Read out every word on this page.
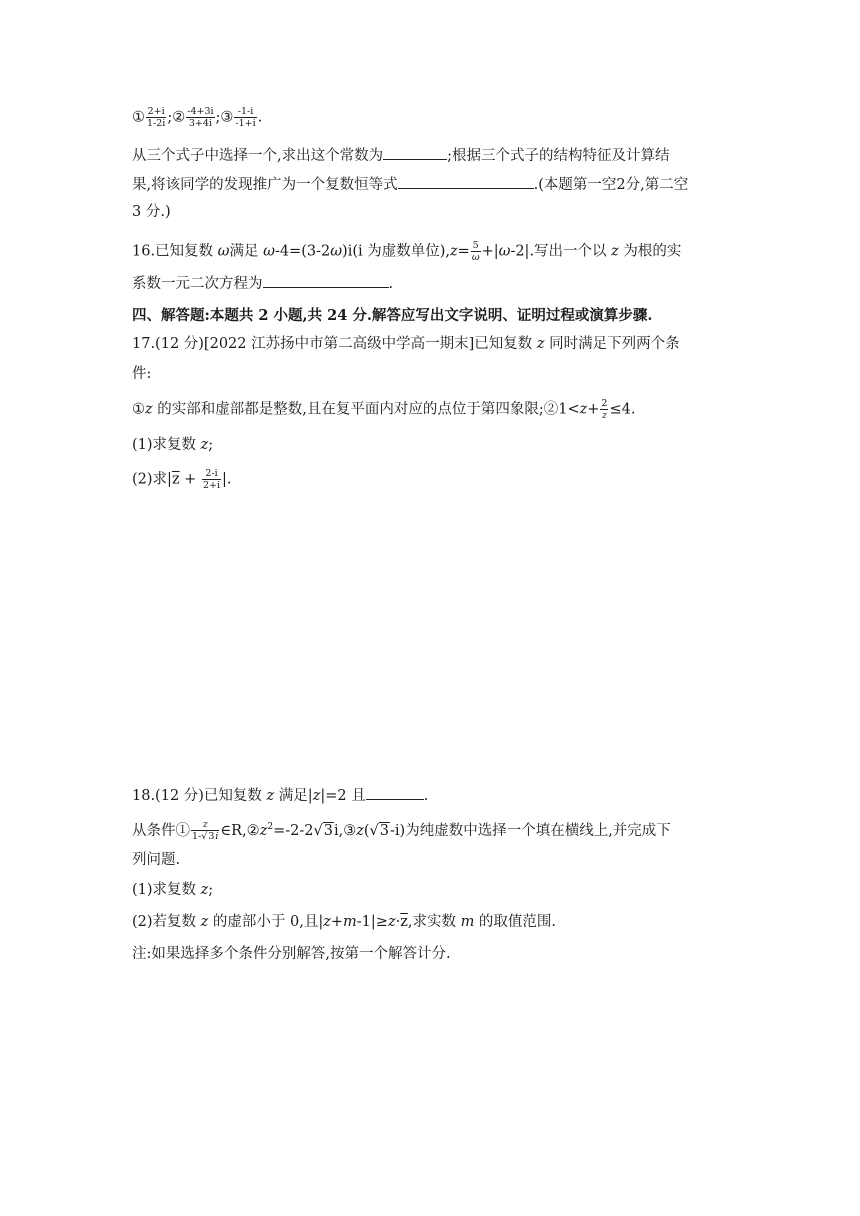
① $\frac{2+i}{1-2i}$ ;② $\frac{-4+3i}{3+4i}$ ;③ $\frac{-1-i}{-1+i}$ .
从三个式子中选择一个,求出这个常数为	;根据三个式子的结构特征及计算结
果,将该同学的发现推广为一个复数恒等式	.(本题第一空2分,第二空
3 分.)
16.已知复数 ω满足 ω-4=(3-2ω)i(i 为虚数单位)$,z= \frac{5}{\omega} +|\omega-2|$.写出一个以 z 为根的实
系数一元二次方程为	.
四、解答题:本题共 2 小题,共 24 分.解答应写出文字说明、证明过程或演算步骤.
17.(12 分)[2022 江苏扬中市第二高级中学高一期末]已知复数 z 同时满足下列两个条
件:
①z 的实部和虚部都是整数,且在复平面内对应的点位于第四象限;②1<z+ $\frac{2}{z} \le 4$.
(1)求复数 z;
(2)求$|\overline{z} + \frac{2-i}{2+i}$ |.
18.(12 分)已知复数 z 满足|z|=2 且	.
从条件① $\frac{z}{1-√3i}$ $\in R,②z^2=-2-2√3i,③z(√3-i)$为纯虚数中选择一个填在横线上,并完成下
列问题.
(1)求复数 z;
(2)若复数 z 的虚部小于 0,且$|z+m-1|\ge z\cdot\overline{z}$,求实数 m 的取值范围.
注:如果选择多个条件分别解答,按第一个解答计分.
